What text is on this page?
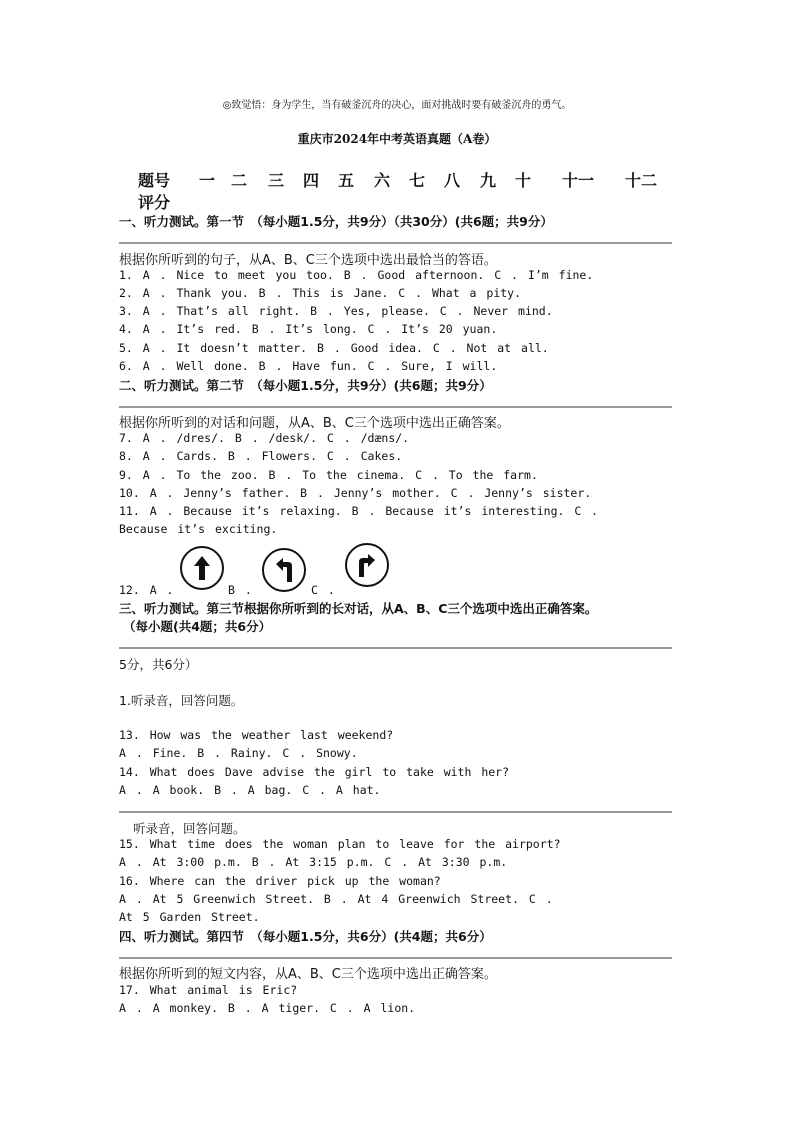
◎致觉悟：身为学生，当有破釜沉舟的决心，面对挑战时要有破釜沉舟的勇气。
重庆市2024年中考英语真题（A卷）
题号 一 二 三 四 五 六 七 八 九 十 十一 十二
评分
一、听力测试。第一节　（每小题1.5分，共9分）（共30分）(共6题；共9分）
根据你所听到的句子，从A、B、C三个选项中选出最恰当的答语。
1. A . Nice to meet you too. B . Good afternoon. C . I’m fine.
2. A . Thank you. B . This is Jane. C . What a pity.
3. A . That’s all right. B . Yes, please. C . Never mind.
4. A . It’s red. B . It’s long. C . It’s 20 yuan.
5. A . It doesn’t matter. B . Good idea. C . Not at all.
6. A . Well done. B . Have fun. C . Sure, I will.
二、听力测试。第二节　（每小题1.5分，共9分）(共6题；共9分）
根据你所听到的对话和问题，从A、B、C三个选项中选出正确答案。
7. A . /dres/. B . /desk/. C . /dæns/.
8. A . Cards. B . Flowers. C . Cakes.
9. A . To the zoo. B . To the cinema. C . To the farm.
10. A . Jenny’s father. B . Jenny’s mother. C . Jenny’s sister.
11. A . Because it’s relaxing. B . Because it’s interesting. C .
Because it’s exciting.
12. A .	B .	C .
三、听力测试。第三节根据你所听到的长对话，从A、B、C三个选项中选出正确答案。
（每小题(共4题；共6分）
5分，共6分）
1.听录音，回答问题。
13. How was the weather last weekend?
A . Fine. B . Rainy. C . Snowy.
14. What does Dave advise the girl to take with her?
A . A book. B . A bag. C . A hat.
听录音，回答问题。
15. What time does the woman plan to leave for the airport?
A . At 3:00 p.m. B . At 3:15 p.m. C . At 3:30 p.m.
16. Where can the driver pick up the woman?
A . At 5 Greenwich Street. B . At 4 Greenwich Street. C .
At 5 Garden Street.
四、听力测试。第四节　（每小题1.5分，共6分）(共4题；共6分）
根据你所听到的短文内容，从A、B、C三个选项中选出正确答案。
17. What animal is Eric?
A . A monkey. B . A tiger. C . A lion.
